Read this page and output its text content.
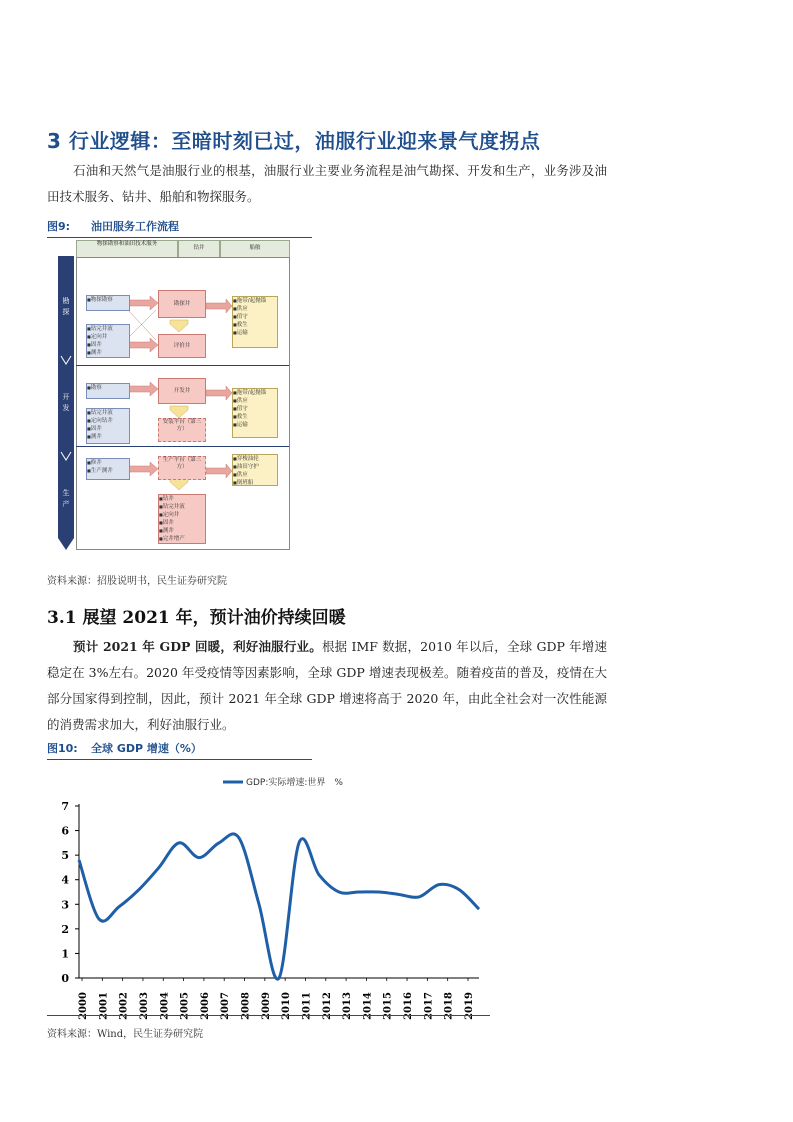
3 行业逻辑：至暗时刻已过，油服行业迎来景气度拐点
石油和天然气是油服行业的根基，油服行业主要业务流程是油气勘探、开发和生产，业务涉及油田技术服务、钻井、船舶和物探服务。
图9: 油田服务工作流程
物探勘察和油田技术服务
钻井	船舶
勘探
开发
生产
■ 物探勘察
■ 钻完井液
■ 定向井
■ 固井
■ 测井
勘探井
评价井
■ 拖带/起抛锚
■ 供应
■ 值守
■ 救生
■ 运输
■ 勘察
■ 钻完井液
■ 定向钻井
■ 固井
■ 测井
开发井
安装平台（第三方）
■ 拖带/起抛锚
■ 供应
■ 值守
■ 救生
■ 运输
■ 修井
■ 生产测井
生产平台（第三方）
■ 钻井
■ 钻完井液
■ 定向井
■ 固井
■ 测井
■ 完井增产
■ 穿梭油轮
■ 油田守护
■ 供应
■ 倒班船
资料来源：招股说明书，民生证券研究院
3.1 展望 2021 年，预计油价持续回暖
预计 2021 年 GDP 回暖，利好油服行业。根据 IMF 数据，2010 年以后，全球 GDP 年增速稳定在 3%左右。2020 年受疫情等因素影响，全球 GDP 增速表现极差。随着疫苗的普及，疫情在大部分国家得到控制，因此，预计 2021 年全球 GDP 增速将高于 2020 年，由此全社会对一次性能源的消费需求加大，利好油服行业。
图10: 全球 GDP 增速（%）
GDP:实际增速:世界　%
0
1
2
3
4
5
6
7
2000 2001 2002 2003 2004 2005 2006 2007 2008 2009 2010 2011 2012 2013 2014 2015 2016 2017 2018 2019
资料来源：Wind，民生证券研究院
